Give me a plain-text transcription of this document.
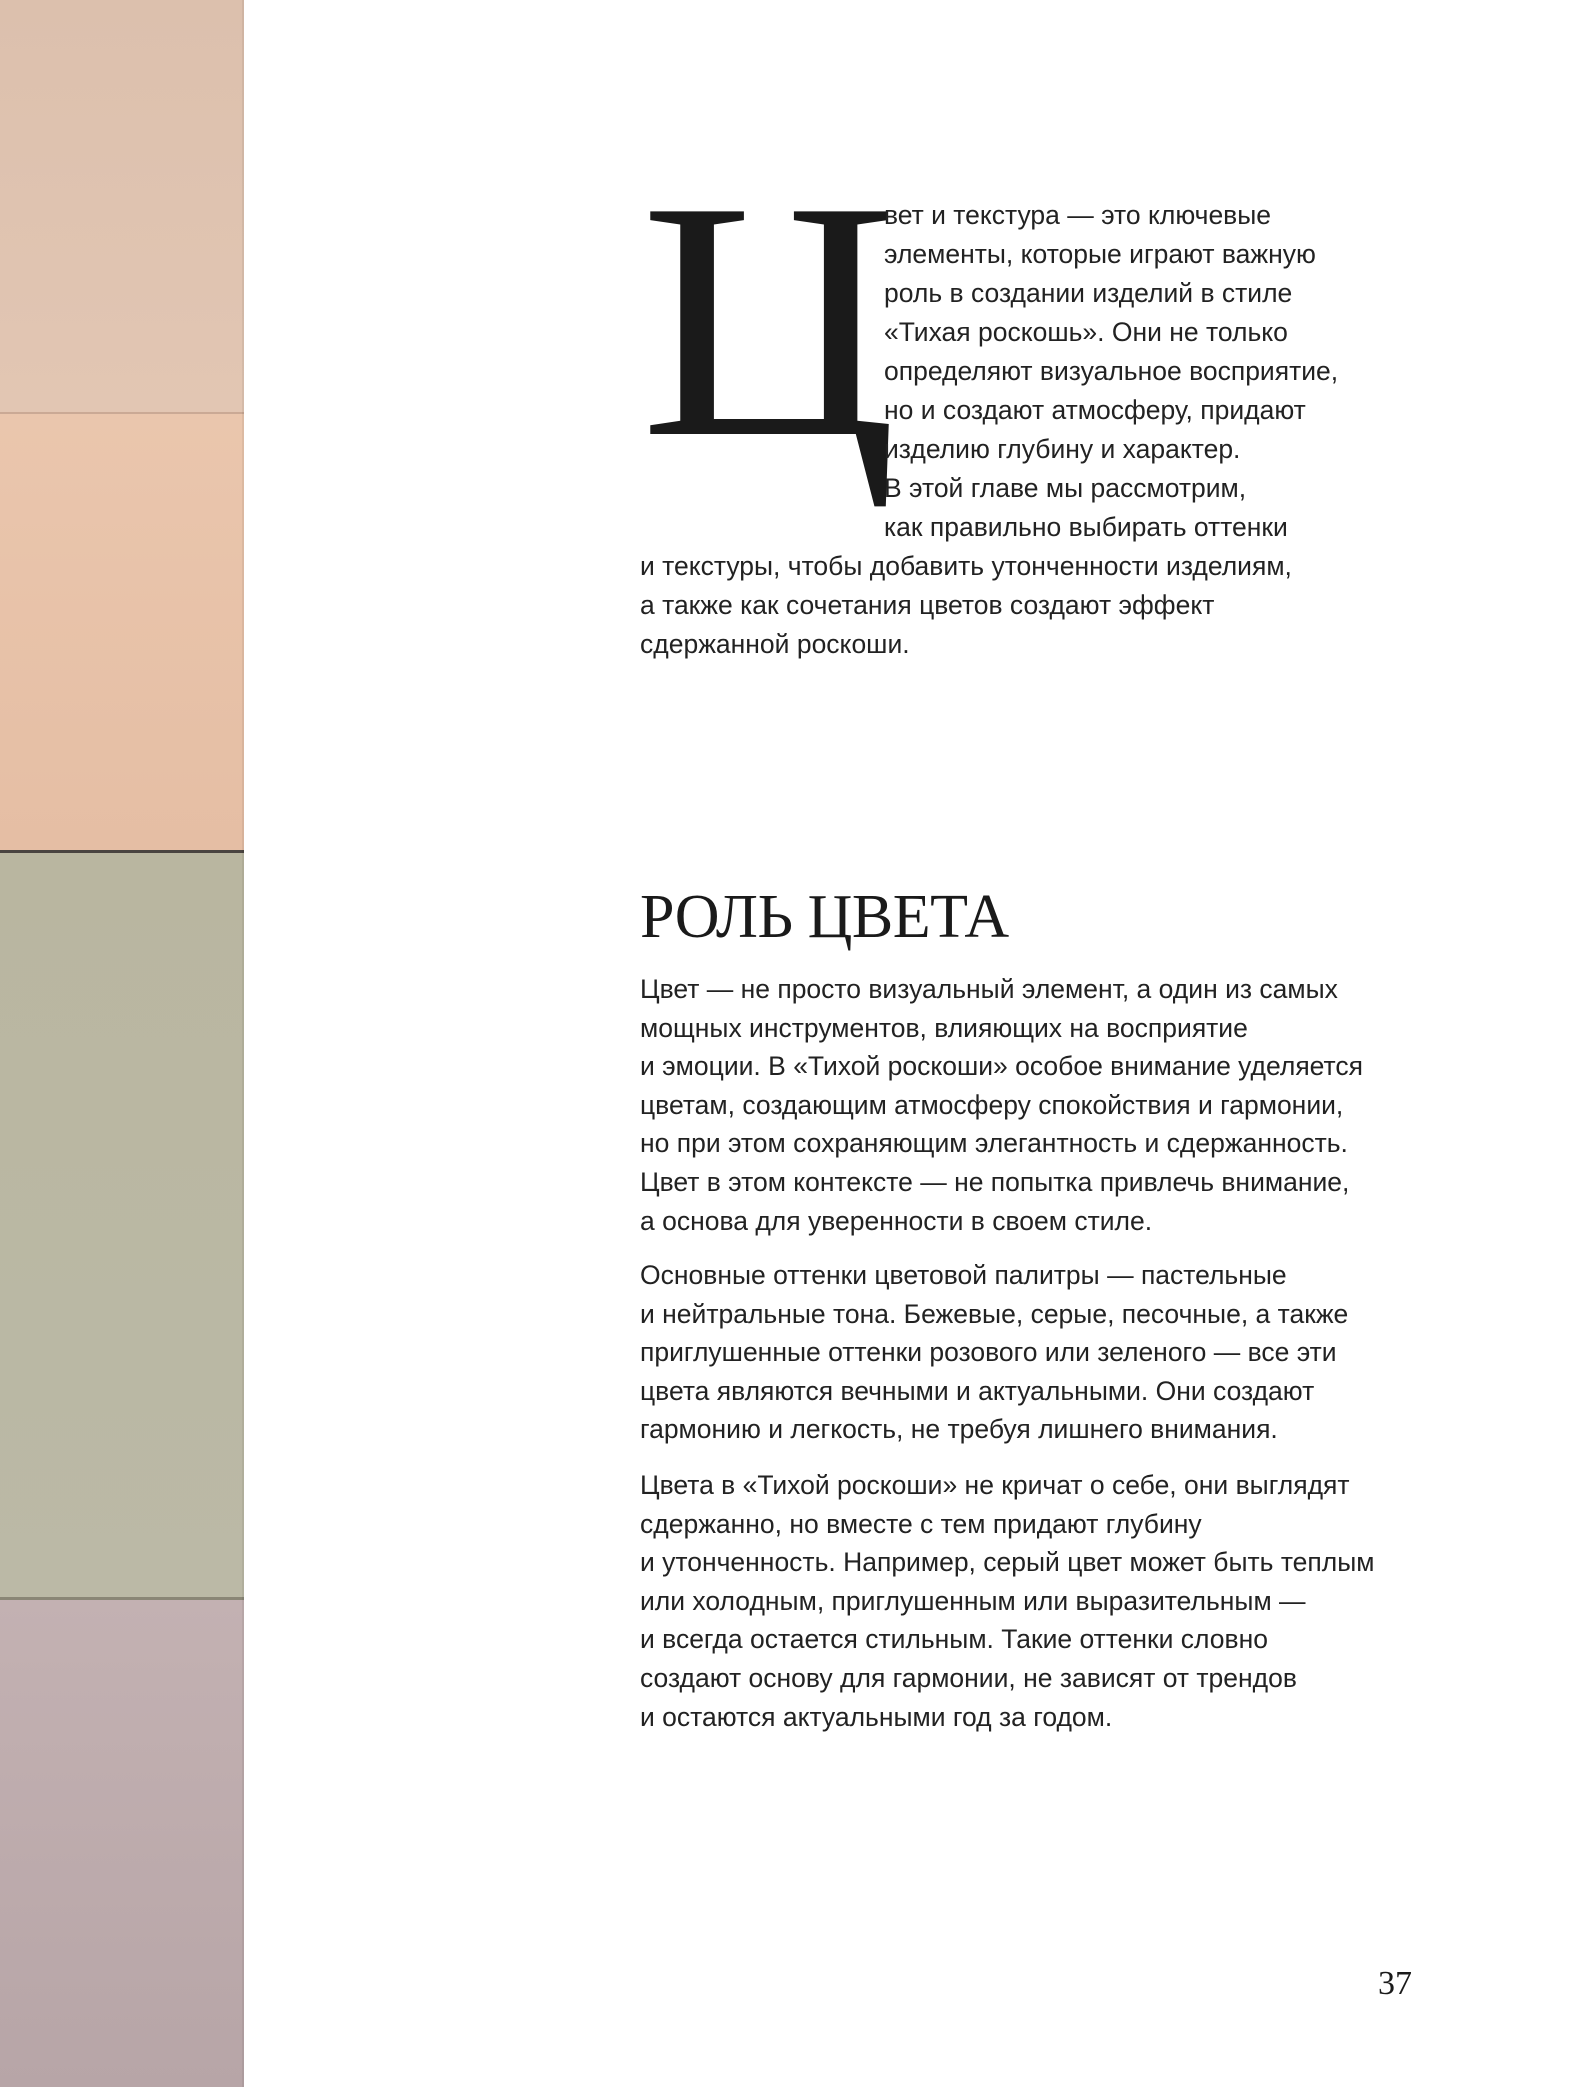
Ц
вет и текстура — это ключевые
элементы, которые играют важную
роль в создании изделий в стиле
«Тихая роскошь». Они не только
определяют визуальное восприятие,
но и создают атмосферу, придают
изделию глубину и характер.
В этой главе мы рассмотрим,
как правильно выбирать оттенки
и текстуры, чтобы добавить утонченности изделиям,
а также как сочетания цветов создают эффект
сдержанной роскоши.
РОЛЬ ЦВЕТА
Цвет — не просто визуальный элемент, а один из самых
мощных инструментов, влияющих на восприятие
и эмоции. В «Тихой роскоши» особое внимание уделяется
цветам, создающим атмосферу спокойствия и гармонии,
но при этом сохраняющим элегантность и сдержанность.
Цвет в этом контексте — не попытка привлечь внимание,
а основа для уверенности в своем стиле.
Основные оттенки цветовой палитры — пастельные
и нейтральные тона. Бежевые, серые, песочные, а также
приглушенные оттенки розового или зеленого — все эти
цвета являются вечными и актуальными. Они создают
гармонию и легкость, не требуя лишнего внимания.
Цвета в «Тихой роскоши» не кричат о себе, они выглядят
сдержанно, но вместе с тем придают глубину
и утонченность. Например, серый цвет может быть теплым
или холодным, приглушенным или выразительным —
и всегда остается стильным. Такие оттенки словно
создают основу для гармонии, не зависят от трендов
и остаются актуальными год за годом.
37
